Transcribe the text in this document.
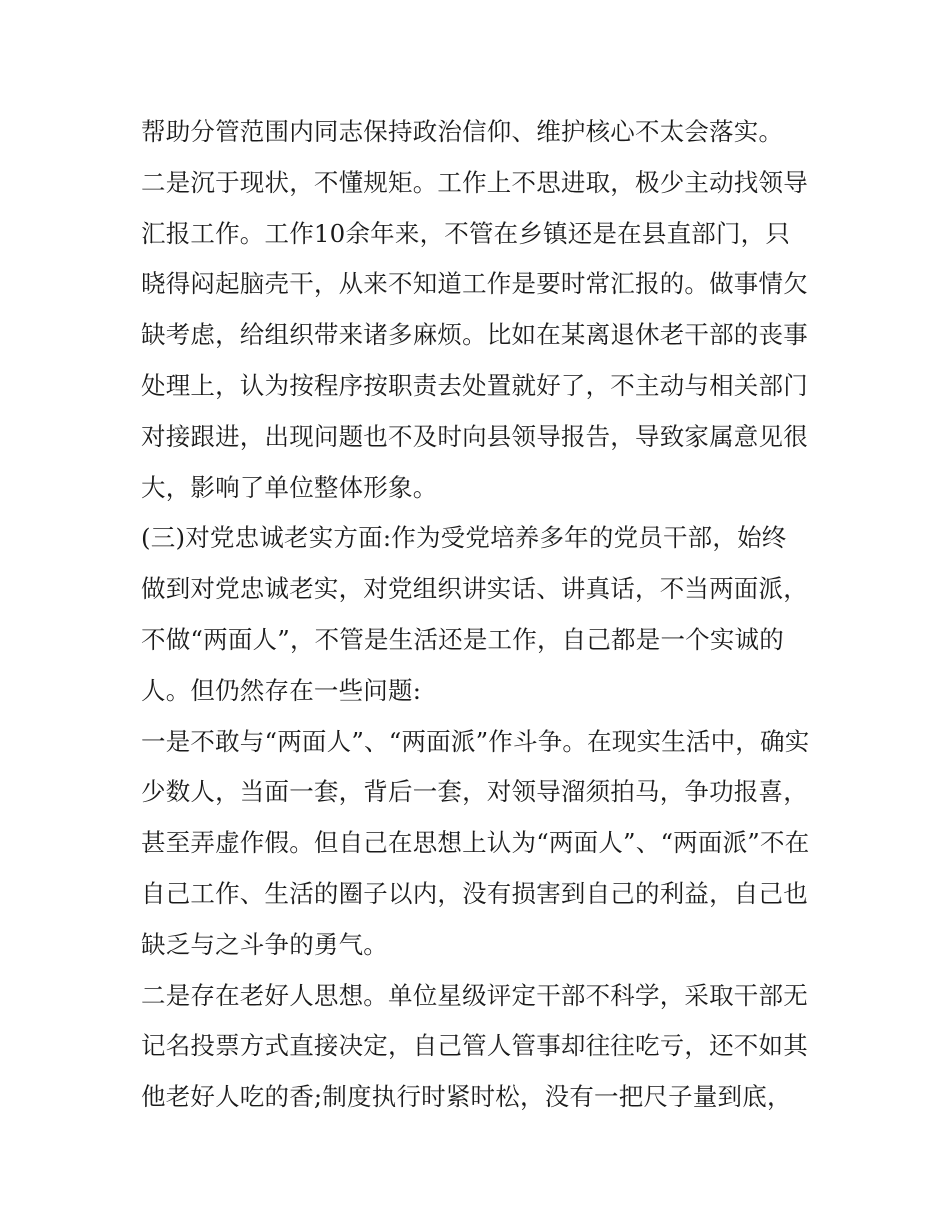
帮助分管范围内同志保持政治信仰、维护核心不太会落实。
二是沉于现状，不懂规矩。工作上不思进取，极少主动找领导
汇报工作。工作10余年来，不管在乡镇还是在县直部门，只
晓得闷起脑壳干，从来不知道工作是要时常汇报的。做事情欠
缺考虑，给组织带来诸多麻烦。比如在某离退休老干部的丧事
处理上，认为按程序按职责去处置就好了，不主动与相关部门
对接跟进，出现问题也不及时向县领导报告，导致家属意见很
大，影响了单位整体形象。
(三)对党忠诚老实方面:作为受党培养多年的党员干部，始终
做到对党忠诚老实，对党组织讲实话、讲真话，不当两面派，
不做“两面人”，不管是生活还是工作，自己都是一个实诚的
人。但仍然存在一些问题:
一是不敢与“两面人”、“两面派”作斗争。在现实生活中，确实
少数人，当面一套，背后一套，对领导溜须拍马，争功报喜，
甚至弄虚作假。但自己在思想上认为“两面人”、“两面派”不在
自己工作、生活的圈子以内，没有损害到自己的利益，自己也
缺乏与之斗争的勇气。
二是存在老好人思想。单位星级评定干部不科学，采取干部无
记名投票方式直接决定，自己管人管事却往往吃亏，还不如其
他老好人吃的香;制度执行时紧时松，没有一把尺子量到底，
